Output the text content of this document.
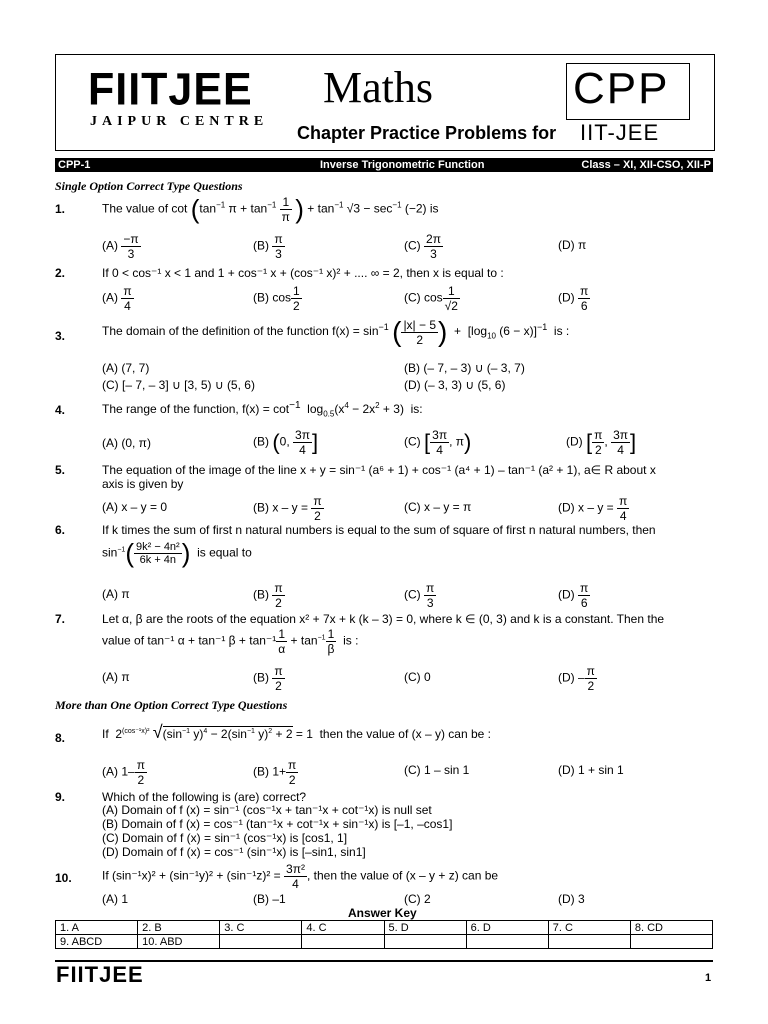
FIITJEE
JAIPUR CENTRE
Maths	CPP
Chapter Practice Problems for IIT-JEE
CPP-1	Inverse Trigonometric Function	Class – XI, XII-CSO, XII-P
Single Option Correct Type Questions
1.	The value of $\cot (\tan^{-1}$ $\pi + \tan^{-1} \frac{1}{\pi}$ ) + $\tan^{-1} √3 - \sec^{-1} (-2)$ is
$(A) \frac{-\pi}{3}$	$(B) \frac{\pi}{3}$	$(C) \frac{2\pi}{3}$	(D) π
2.	If 0 < cos⁻¹ x < 1 and 1 + cos⁻¹ x + (cos⁻¹ x)² + .... ∞ = 2, then x is equal to :
$(A) \frac{\pi}{4}$	(B) $\cos \frac{1}{2}$	(C) $\cos \frac{1}{√2}$	$(D) \frac{\pi}{6}$
3.	The domain of the definition of the function $f(x) = \sin^{-1}$ ( $\frac{|x| - 5}{2}$ )  +  [$\log_{10}$ (6 − x)]$^{-1}$ is :
(A) (7, 7)	(B) (– 7, – 3) ∪ (– 3, 7)
(C) [– 7, – 3] ∪ [3, 5) ∪ (5, 6)	(D) (– 3, 3) ∪ (5, 6)
4.	The range of the function, $f(x) = \cot^{-1} \log_{0.5}(x^4 - 2x^2 + 3)$  is:
(A) (0, π)	(B) (0, $\frac{3\pi}{4}$ ]	(C) [ $\frac{3\pi}{4}$ , π)	(D) [ $\frac{\pi}{2}$ , $\frac{3\pi}{4}$ ]
5.	The equation of the image of the line x + y = sin⁻¹ (a⁶ + 1) + cos⁻¹ (a⁴ + 1) – tan⁻¹ (a² + 1), a∈ R about x
axis is given by
(A) x – y = 0	(B) $x - y = \frac{\pi}{2}$	(C) x – y = π	(D) $x - y = \frac{\pi}{4}$
6.	If k times the sum of first n natural numbers is equal to the sum of square of first n natural numbers, then
$\sin^{-1}( \frac{\text{9k² − 4n²}}{6k + 4n}$ ) is equal to
(A) π	$(B) \frac{\pi}{2}$	$(C) \frac{\pi}{3}$	$(D) \frac{\pi}{6}$
7.	Let α, β are the roots of the equation x² + 7x + k (k – 3) = 0, where k ∈ (0, 3) and k is a constant. Then the
value of tan⁻¹ α + tan⁻¹ $\beta + \tan^{-1} \frac{1}{\alpha} + \tan^{-1} \frac{1}{\beta}$ is :
(A) π	$(B) \frac{\pi}{2}$	(C) 0	$(D) - \frac{\pi}{2}$
More than One Option Correct Type Questions
8.	If  $2^{(cos^{-1}x)^2}$ $√(\sin^{-1}$ $y)^4 - 2(\sin^{-1}$ y)$^2$ + 2 = 1  then the value of (x – y) can be :
(A) $1- \frac{\pi}{2}$	(B) $1+ \frac{\pi}{2}$	(C) 1 – sin 1	(D) 1 + sin 1
9.	Which of the following is (are) correct?
(A) Domain of f (x) = sin⁻¹ (cos⁻¹x + tan⁻¹x + cot⁻¹x) is null set
(B) Domain of f (x) = cos⁻¹ (tan⁻¹x + cot⁻¹x + sin⁻¹x) is [–1, –cos1]
(C) Domain of f (x) = sin⁻¹ (cos⁻¹x) is [cos1, 1]
(D) Domain of f (x) = cos⁻¹ (sin⁻¹x) is [–sin1, sin1]
10.	If $(\sin^{-1}x)^2 + (\sin^{-1}y)^2 + (\sin^{-1}z)^2 = \frac{\text{3π²}}{4}$ , then the value of (x – y + z) can be
(A) 1	(B) –1	(C) 2	(D) 3
Answer Key
1. A	2. B	3. C	4. C	5. D	6. D	7. C	8. CD
9. ABCD	10. ABD						
FIITJEE	1
